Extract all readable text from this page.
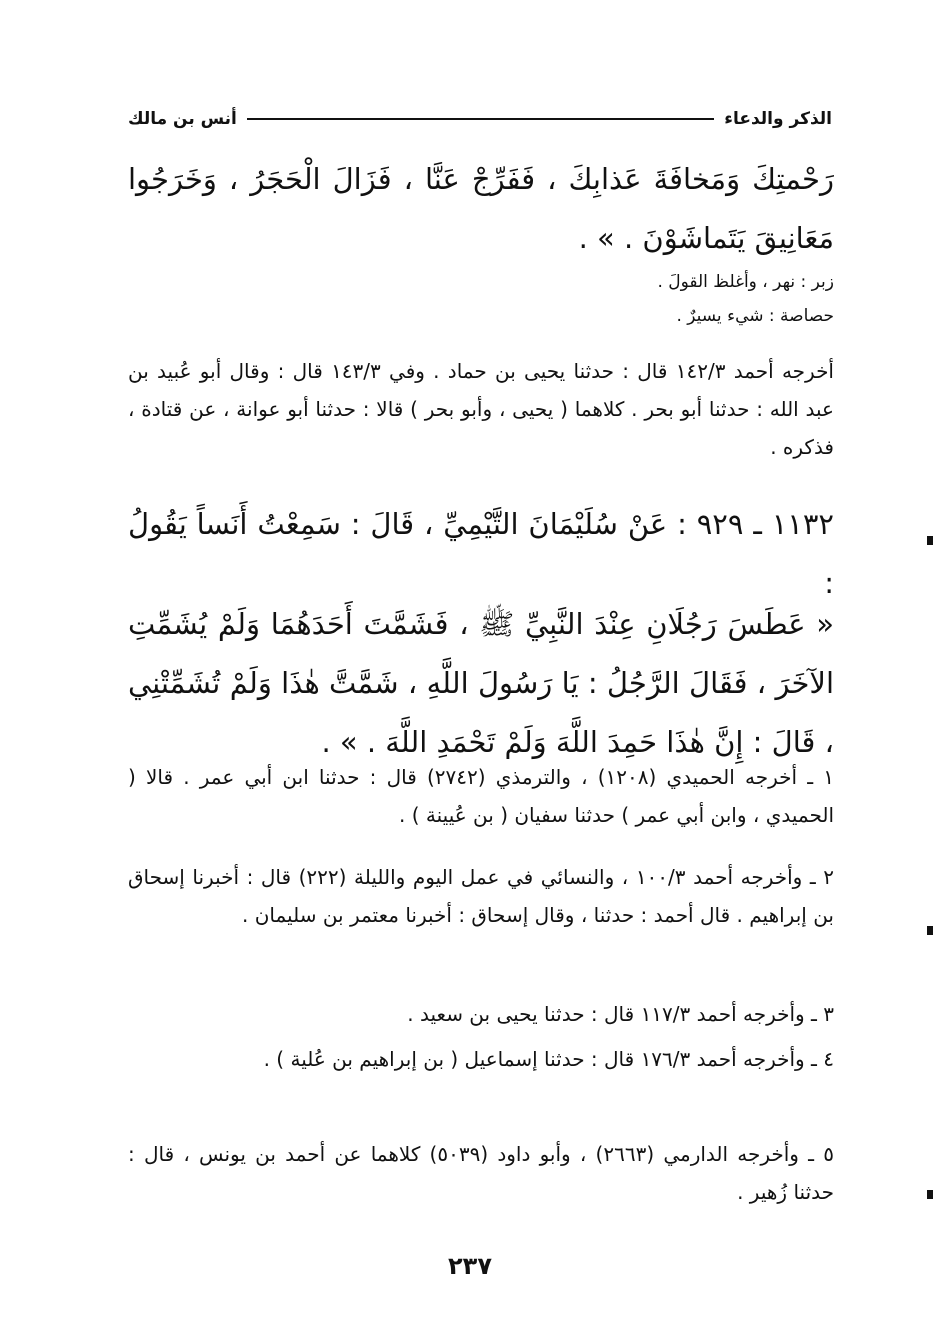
الذكر والدعاء
أنس بن مالك
رَحْمتِكَ وَمَخافَةَ عَذابِكَ ، فَفَرِّجْ عَنَّا ، فَزَالَ الْحَجَرُ ، وَخَرَجُوا مَعَانِيقَ يَتَماشَوْنَ . » .
زبر : نهر ، وأغلظ القولَ .
حصاصة : شيء يسيرٌ .
أخرجه أحمد ١٤٢/٣ قال : حدثنا يحيى بن حماد . وفي ١٤٣/٣ قال : وقال أبو عُبيد بن عبد الله : حدثنا أبو بحر . كلاهما ( يحيى ، وأبو بحر ) قالا : حدثنا أبو عوانة ، عن قتادة ، فذكره .
١١٣٢ ـ ٩٢٩ : عَنْ سُلَيْمَانَ التَّيْمِيِّ ، قَالَ : سَمِعْتُ أَنَساً يَقُولُ :
« عَطَسَ رَجُلَانِ عِنْدَ النَّبِيِّ ﷺ ، فَشَمَّتَ أَحَدَهُمَا وَلَمْ يُشَمِّتِ الآخَرَ ، فَقَالَ الرَّجُلُ : يَا رَسُولَ اللَّهِ ، شَمَّتَّ هٰذَا وَلَمْ تُشَمِّتْنِي ، قَالَ : إِنَّ هٰذَا حَمِدَ اللَّهَ وَلَمْ تَحْمَدِ اللَّهَ . » .
١ ـ أخرجه الحميدي (١٢٠٨) ، والترمذي (٢٧٤٢) قال : حدثنا ابن أبي عمر . قالا ( الحميدي ، وابن أبي عمر ) حدثنا سفيان ( بن عُيينة ) .
٢ ـ وأخرجه أحمد ١٠٠/٣ ، والنسائي في عمل اليوم والليلة (٢٢٢) قال : أخبرنا إسحاق بن إبراهيم . قال أحمد : حدثنا ، وقال إسحاق : أخبرنا معتمر بن سليمان .
٣ ـ وأخرجه أحمد ١١٧/٣ قال : حدثنا يحيى بن سعيد .
٤ ـ وأخرجه أحمد ١٧٦/٣ قال : حدثنا إسماعيل ( بن إبراهيم بن عُلية ) .
٥ ـ وأخرجه الدارمي (٢٦٦٣) ، وأبو داود (٥٠٣٩) كلاهما عن أحمد بن يونس ، قال : حدثنا زُهير .
٢٣٧
